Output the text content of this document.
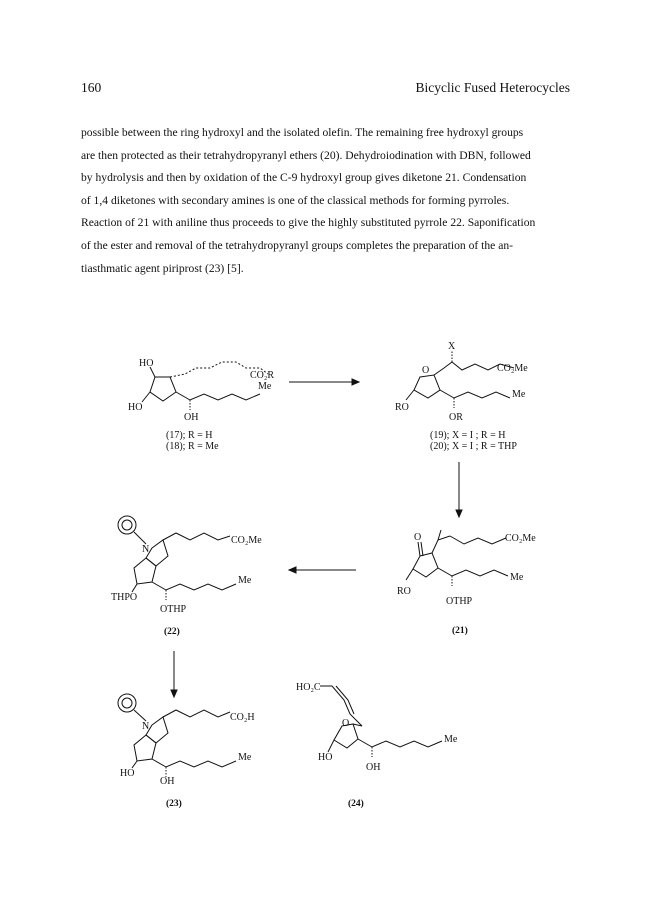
160	Bicyclic Fused Heterocycles

possible between the ring hydroxyl and the isolated olefin. The remaining free hydroxyl groups

are then protected as their tetrahydropyranyl ethers (20). Dehydroiodination with DBN, followed

by hydrolysis and then by oxidation of the C-9 hydroxyl group gives diketone 21. Condensation

of 1,4 diketones with secondary amines is one of the classical methods for forming pyrroles.

Reaction of 21 with aniline thus proceeds to give the highly substituted pyrrole 22. Saponification

of the ester and removal of the tetrahydropyranyl groups completes the preparation of the an-

tiasthmatic agent piriprost (23) [5].

HO
HO
CO₂R
Me
OH
(17); R = H
(18); R = Me
X
O	CO₂Me
Me
RO
OR
(19); X = I ; R = H
(20); X = I ; R = THP
N
CO₂Me
Me
THPO
OTHP
(22)
O	CO₂Me
Me
RO
OTHP
(21)
N
CO₂H
Me
HO
OH
(23)
HO₂C
O
Me
HO
OH
(24)
